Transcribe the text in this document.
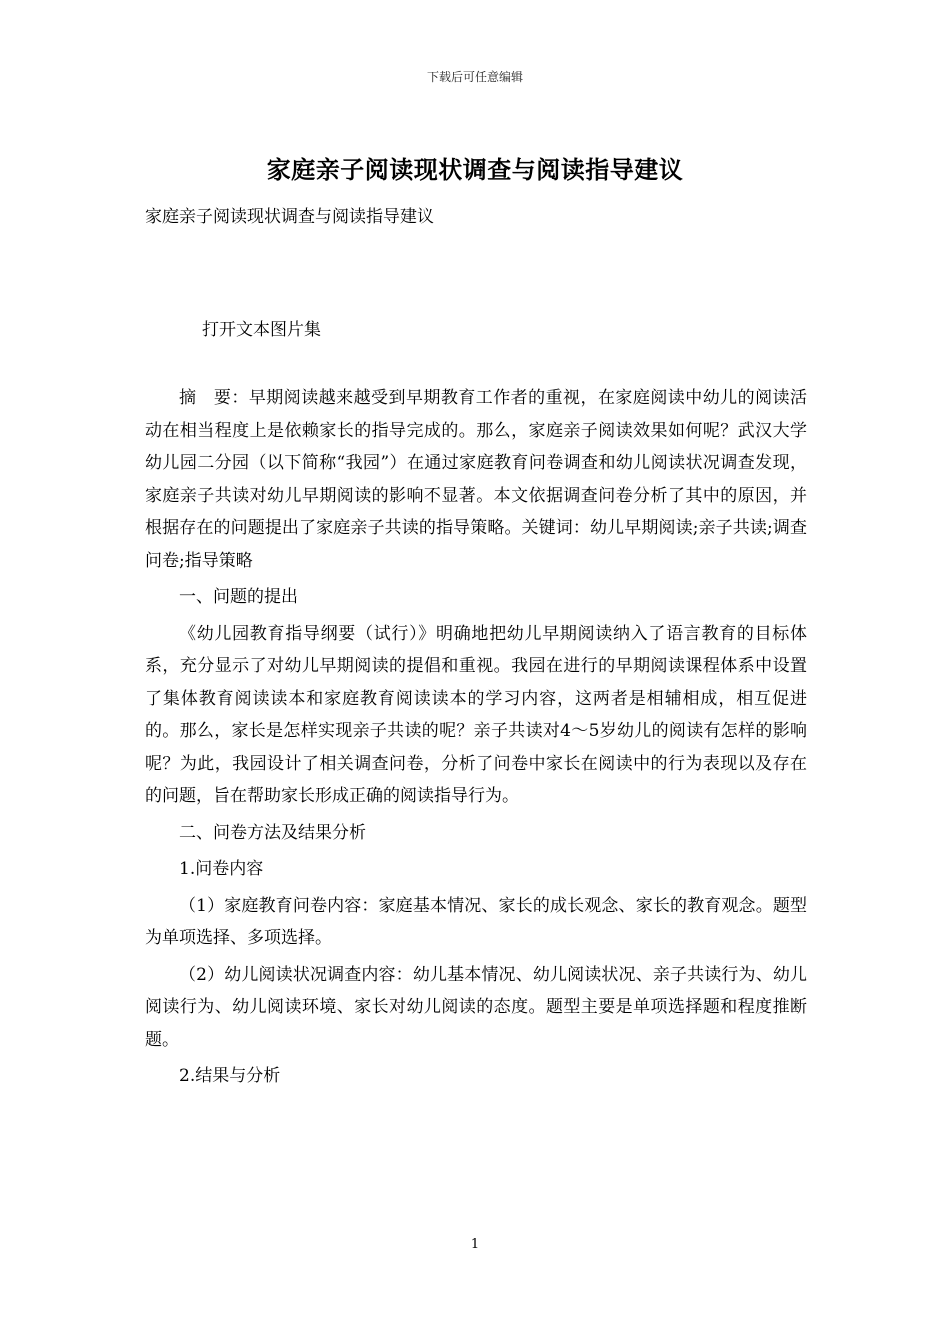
下载后可任意编辑
家庭亲子阅读现状调查与阅读指导建议
家庭亲子阅读现状调查与阅读指导建议
打开文本图片集

摘　要：早期阅读越来越受到早期教育工作者的重视，在家庭阅读中幼儿的阅读活动在相当程度上是依赖家长的指导完成的。那么，家庭亲子阅读效果如何呢？武汉大学幼儿园二分园（以下简称“我园”）在通过家庭教育问卷调查和幼儿阅读状况调查发现，家庭亲子共读对幼儿早期阅读的影响不显著。本文依据调查问卷分析了其中的原因，并根据存在的问题提出了家庭亲子共读的指导策略。关键词：幼儿早期阅读;亲子共读;调查问卷;指导策略

一、问题的提出

《幼儿园教育指导纲要（试行）》明确地把幼儿早期阅读纳入了语言教育的目标体系，充分显示了对幼儿早期阅读的提倡和重视。我园在进行的早期阅读课程体系中设置了集体教育阅读读本和家庭教育阅读读本的学习内容，这两者是相辅相成，相互促进的。那么，家长是怎样实现亲子共读的呢？亲子共读对4～5岁幼儿的阅读有怎样的影响呢？为此，我园设计了相关调查问卷，分析了问卷中家长在阅读中的行为表现以及存在的问题，旨在帮助家长形成正确的阅读指导行为。

二、问卷方法及结果分析

1.问卷内容

（1）家庭教育问卷内容：家庭基本情况、家长的成长观念、家长的教育观念。题型为单项选择、多项选择。

（2）幼儿阅读状况调查内容：幼儿基本情况、幼儿阅读状况、亲子共读行为、幼儿阅读行为、幼儿阅读环境、家长对幼儿阅读的态度。题型主要是单项选择题和程度推断题。

2.结果与分析

1
